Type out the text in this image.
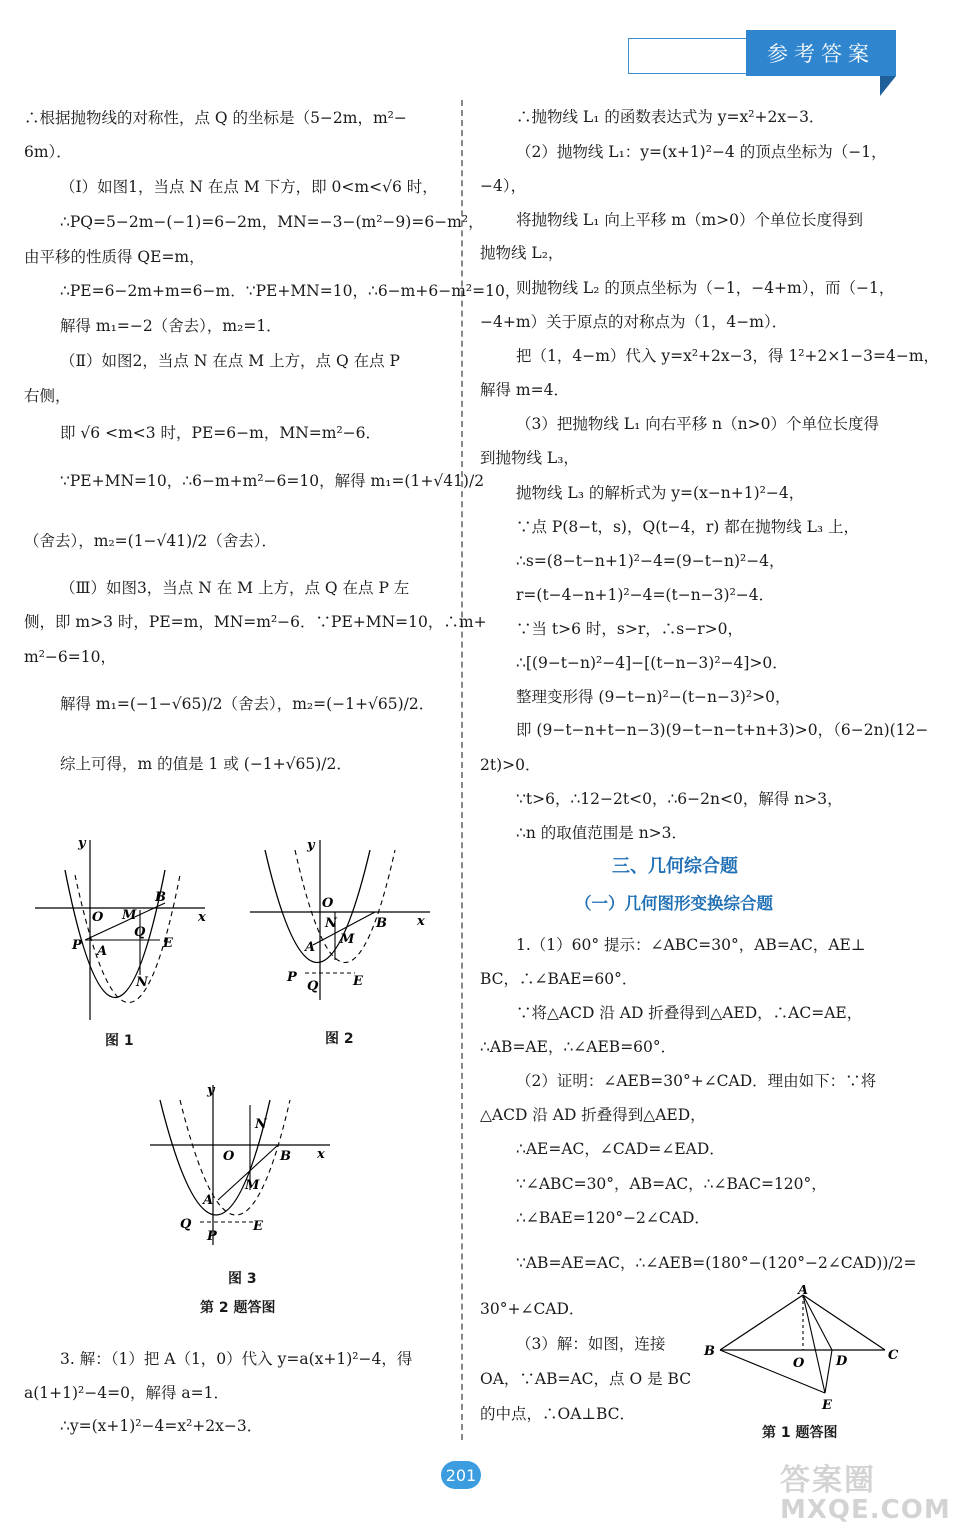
参考答案
∴根据抛物线的对称性，点 Q 的坐标是（5−2m，m²−
6m）．
（Ⅰ）如图1，当点 N 在点 M 下方，即 0<m<√6 时，
∴PQ=5−2m−(−1)=6−2m，MN=−3−(m²−9)=6−m²，
由平移的性质得 QE=m，
∴PE=6−2m+m=6−m．∵PE+MN=10，∴6−m+6−m²=10，
解得 m₁=−2（舍去），m₂=1．
（Ⅱ）如图2，当点 N 在点 M 上方，点 Q 在点 P
右侧，
即 √6 <m<3 时，PE=6−m，MN=m²−6．
∵PE+MN=10，∴6−m+m²−6=10，解得 m₁=(1+√41)/2
（舍去），m₂=(1−√41)/2（舍去）．
（Ⅲ）如图3，当点 N 在 M 上方，点 Q 在点 P 左
侧，即 m>3 时，PE=m，MN=m²−6．∵PE+MN=10，∴m+
m²−6=10，
解得 m₁=(−1−√65)/2（舍去），m₂=(−1+√65)/2．
综上可得，m 的值是 1 或 (−1+√65)/2．
3. 解：（1）把 A（1，0）代入 y=a(x+1)²−4，得
a(1+1)²−4=0，解得 a=1．
∴y=(x+1)²−4=x²+2x−3．
y
x
O M
B
P A
Q
E
N
y
x
O
N	B
M
A
P
Q	E
y
x
N
O	B
M
A
Q
P
E
图 1	图 2
图 3
第 2 题答图
∴抛物线 L₁ 的函数表达式为 y=x²+2x−3．
（2）抛物线 L₁：y=(x+1)²−4 的顶点坐标为（−1，
−4），
将抛物线 L₁ 向上平移 m（m>0）个单位长度得到
抛物线 L₂，
则抛物线 L₂ 的顶点坐标为（−1，−4+m），而（−1，
−4+m）关于原点的对称点为（1，4−m）．
把（1，4−m）代入 y=x²+2x−3，得 1²+2×1−3=4−m，
解得 m=4．
（3）把抛物线 L₁ 向右平移 n（n>0）个单位长度得
到抛物线 L₃，
抛物线 L₃ 的解析式为 y=(x−n+1)²−4，
∵点 P(8−t，s)，Q(t−4，r) 都在抛物线 L₃ 上，
∴s=(8−t−n+1)²−4=(9−t−n)²−4，
r=(t−4−n+1)²−4=(t−n−3)²−4．
∵当 t>6 时，s>r，∴s−r>0，
∴[(9−t−n)²−4]−[(t−n−3)²−4]>0．
整理变形得 (9−t−n)²−(t−n−3)²>0，
即 (9−t−n+t−n−3)(9−t−n−t+n+3)>0，（6−2n)(12−
2t)>0．
∵t>6，∴12−2t<0，∴6−2n<0，解得 n>3，
∴n 的取值范围是 n>3．
三、几何综合题
（一）几何图形变换综合题
1.（1）60° 提示：∠ABC=30°，AB=AC，AE⊥
BC，∴∠BAE=60°．
∵将△ACD 沿 AD 折叠得到△AED，∴AC=AE，
∴AB=AE，∴∠AEB=60°．
（2）证明：∠AEB=30°+∠CAD．理由如下：∵将
△ACD 沿 AD 折叠得到△AED，
∴AE=AC，∠CAD=∠EAD．
∵∠ABC=30°，AB=AC，∴∠BAC=120°，
∴∠BAE=120°−2∠CAD．
∵AB=AE=AC，∴∠AEB=(180°−(120°−2∠CAD))/2=
30°+∠CAD．
（3）解：如图，连接
OA，∵AB=AC，点 O 是 BC
的中点，∴OA⊥BC．
A
B
O D	C
E
第 1 题答图
201	答案圈
MXQE.COM
